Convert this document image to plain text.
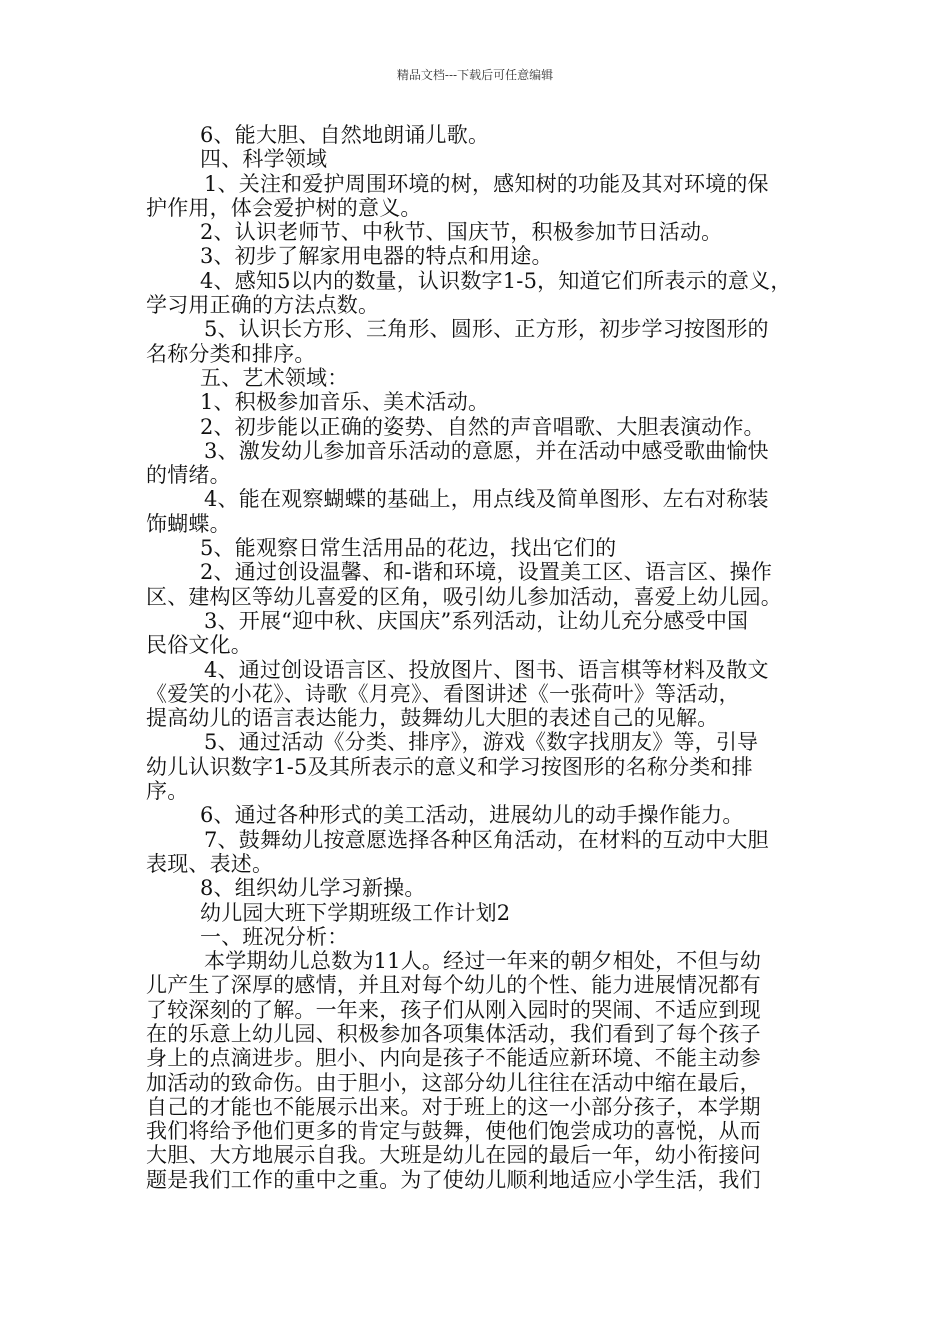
精品文档---下载后可任意编辑
6、能大胆、自然地朗诵儿歌。
四、科学领域
1、关注和爱护周围环境的树，感知树的功能及其对环境的保
护作用，体会爱护树的意义。
2、认识老师节、中秋节、国庆节，积极参加节日活动。
3、初步了解家用电器的特点和用途。
4、感知5以内的数量，认识数字1-5，知道它们所表示的意义，
学习用正确的方法点数。
5、认识长方形、三角形、圆形、正方形，初步学习按图形的
名称分类和排序。
五、艺术领域：
1、积极参加音乐、美术活动。
2、初步能以正确的姿势、自然的声音唱歌、大胆表演动作。
3、激发幼儿参加音乐活动的意愿，并在活动中感受歌曲愉快
的情绪。
4、能在观察蝴蝶的基础上，用点线及简单图形、左右对称装
饰蝴蝶。
5、能观察日常生活用品的花边，找出它们的
2、通过创设温馨、和-谐和环境，设置美工区、语言区、操作
区、建构区等幼儿喜爱的区角，吸引幼儿参加活动，喜爱上幼儿园。
3、开展“迎中秋、庆国庆”系列活动，让幼儿充分感受中国
民俗文化。
4、通过创设语言区、投放图片、图书、语言棋等材料及散文
《爱笑的小花》、诗歌《月亮》、看图讲述《一张荷叶》等活动，
提高幼儿的语言表达能力，鼓舞幼儿大胆的表述自己的见解。
5、通过活动《分类、排序》，游戏《数字找朋友》等，引导
幼儿认识数字1-5及其所表示的意义和学习按图形的名称分类和排
序。
6、通过各种形式的美工活动，进展幼儿的动手操作能力。
7、鼓舞幼儿按意愿选择各种区角活动，在材料的互动中大胆
表现、表述。
8、组织幼儿学习新操。
幼儿园大班下学期班级工作计划2
一、班况分析：
本学期幼儿总数为11人。经过一年来的朝夕相处，不但与幼
儿产生了深厚的感情，并且对每个幼儿的个性、能力进展情况都有
了较深刻的了解。一年来，孩子们从刚入园时的哭闹、不适应到现
在的乐意上幼儿园、积极参加各项集体活动，我们看到了每个孩子
身上的点滴进步。胆小、内向是孩子不能适应新环境、不能主动参
加活动的致命伤。由于胆小，这部分幼儿往往在活动中缩在最后，
自己的才能也不能展示出来。对于班上的这一小部分孩子，本学期
我们将给予他们更多的肯定与鼓舞，使他们饱尝成功的喜悦，从而
大胆、大方地展示自我。大班是幼儿在园的最后一年，幼小衔接问
题是我们工作的重中之重。为了使幼儿顺利地适应小学生活，我们
